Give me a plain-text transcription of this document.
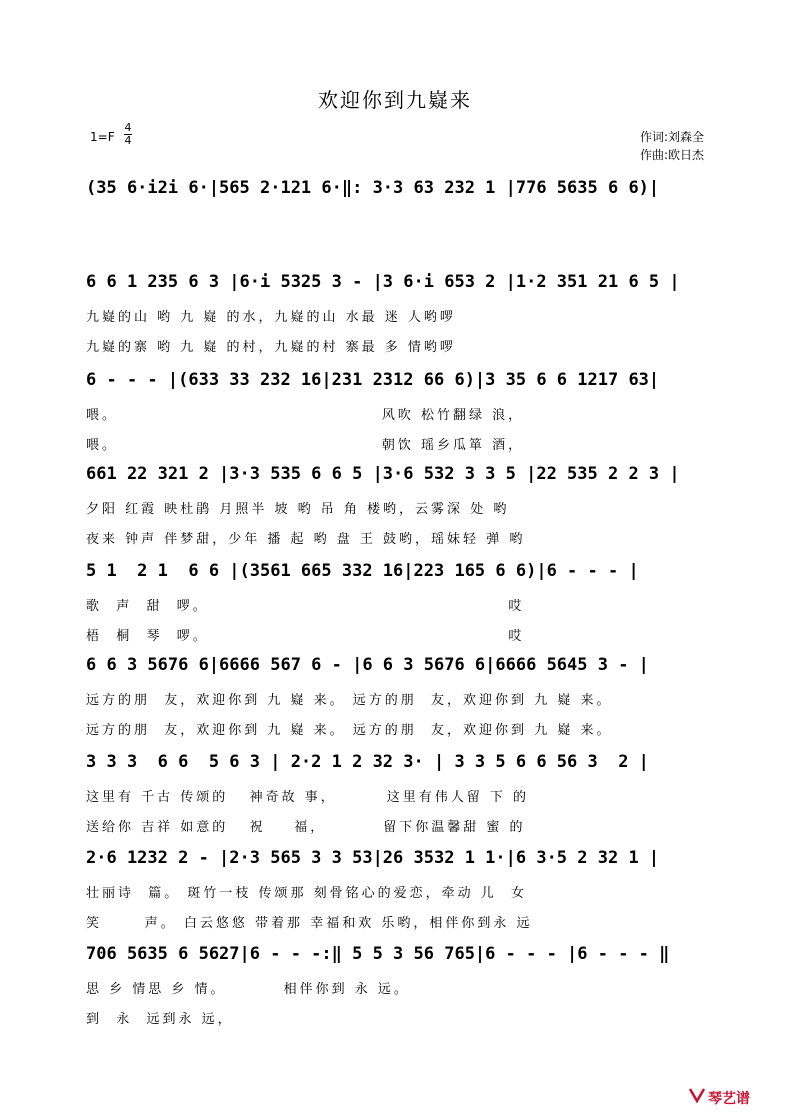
欢迎你到九嶷来
1=F
4
4	作词:刘森全
作曲:欧日杰
(35 6·i2i 6·|565 2·121 6·‖: 3·3 63 232 1 |776 5635 6 6)|
6 6 1 235 6 3 |6·i 5325 3 - |3 6·i 653 2 |1·2 351 21 6 5 |
九嶷的山 哟 九 嶷 的水，九嶷的山 水最 迷 人哟啰
九嶷的寨 哟 九 嶷 的村，九嶷的村 寨最 多 情哟啰
6 - - - |(633 33 232 16|231 2312 66 6)|3 35 6 6 1217 63|
喂。                                     风吹 松竹翻绿 浪，
喂。                                     朝饮 瑶乡瓜箪 酒，
661 22 321 2 |3·3 535 6 6 5 |3·6 532 3 3 5 |22 535 2 2 3 |
夕阳 红霞 映杜鹃 月照半 坡 哟 吊 角 楼哟，云雾深 处 哟
夜来 钟声 伴梦甜，少年 播 起 哟 盘 王 鼓哟，瑶妹轻 弹 哟
5 1  2 1  6 6 |(3561 665 332 16|223 165 6 6)|6 - - - |
歌  声  甜  啰。                                          哎
梧  桐  琴  啰。                                          哎
6 6 3 5676 6|6666 567 6 - |6 6 3 5676 6|6666 5645 3 - |
远方的朋  友，欢迎你到 九 嶷 来。 远方的朋  友，欢迎你到 九 嶷 来。
远方的朋  友，欢迎你到 九 嶷 来。 远方的朋  友，欢迎你到 九 嶷 来。
3 3 3  6 6  5 6 3 | 2·2 1 2 32 3· | 3 3 5 6 6 56 3  2 |
这里有 千古 传颂的   神奇故 事，       这里有伟人留 下 的
送给你 吉祥 如意的   祝    福，        留下你温馨甜 蜜 的
2·6 1232 2 - |2·3 565 3 3 53|26 3532 1 1·|6 3·5 2 32 1 |
壮丽诗  篇。 斑竹一枝 传颂那 刻骨铭心的爱恋，牵动 儿  女
笑      声。 白云悠悠 带着那 幸福和欢 乐哟，相伴你到永 远
706 5635 6 5627|6 - - -:‖ 5 5 3 56 765|6 - - - |6 - - - ‖
思 乡 情思 乡 情。        相伴你到 永 远。
到  永  远到永 远，
琴艺谱
